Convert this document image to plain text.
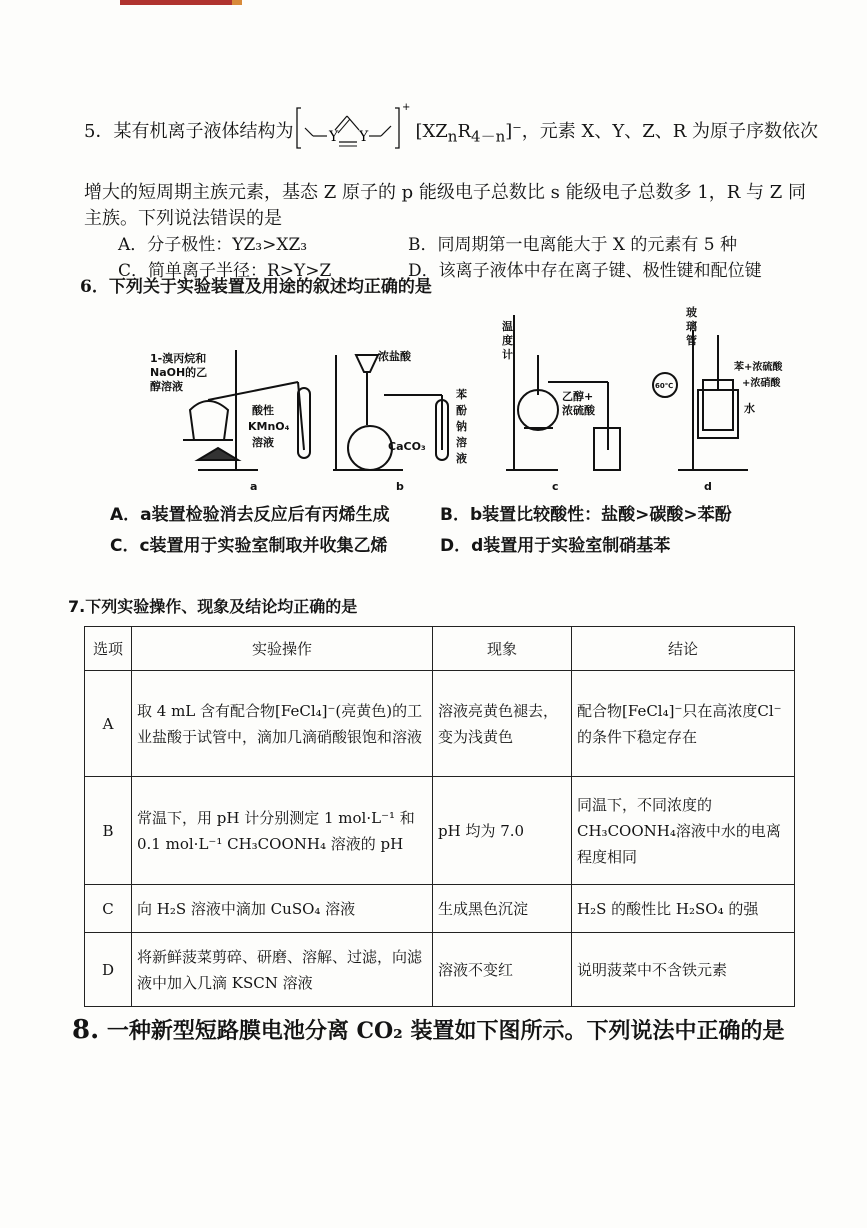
5．某有机离子液体结构为	Y Y
+
$[XZ_nR_{4-n}]^-$，元素 X、Y、Z、R 为原子序数依次
增大的短周期主族元素，基态 Z 原子的 p 能级电子总数比 s 能级电子总数多 1，R 与 Z 同
主族。下列说法错误的是
A．分子极性：YZ₃>XZ₃	B．同周期第一电离能大于 X 的元素有 5 种
C．简单离子半径：R>Y>Z	D．该离子液体中存在离子键、极性键和配位键
6．下列关于实验装置及用途的叙述均正确的是
1-溴丙烷和
NaOH的乙
醇溶液
酸性
KMnO₄
溶液
浓盐酸
CaCO₃
苯
酚
钠
溶
液
温
度
计
乙醇+
浓硫酸
玻
璃
管
苯+浓硫酸
+浓硝酸
水
60℃
a	b	c	d
A．a装置检验消去反应后有丙烯生成	B．b装置比较酸性：盐酸>碳酸>苯酚
C．c装置用于实验室制取并收集乙烯	D．d装置用于实验室制硝基苯
7.下列实验操作、现象及结论均正确的是
选项	实验操作	现象	结论
A	取 4 mL 含有配合物[FeCl₄]⁻(亮黄色)的工业盐酸于试管中，滴加几滴硝酸银饱和溶液	溶液亮黄色褪去，变为浅黄色	配合物[FeCl₄]⁻只在高浓度Cl⁻的条件下稳定存在
B	常温下，用 pH 计分别测定 1 mol·L⁻¹ 和 0.1 mol·L⁻¹ CH₃COONH₄ 溶液的 pH	pH 均为 7.0	同温下，不同浓度的CH₃COONH₄溶液中水的电离程度相同
C	向 H₂S 溶液中滴加 CuSO₄ 溶液	生成黑色沉淀	H₂S 的酸性比 H₂SO₄ 的强
D	将新鲜菠菜剪碎、研磨、溶解、过滤，向滤液中加入几滴 KSCN 溶液	溶液不变红	说明菠菜中不含铁元素
8. 一种新型短路膜电池分离 CO₂ 装置如下图所示。下列说法中正确的是
